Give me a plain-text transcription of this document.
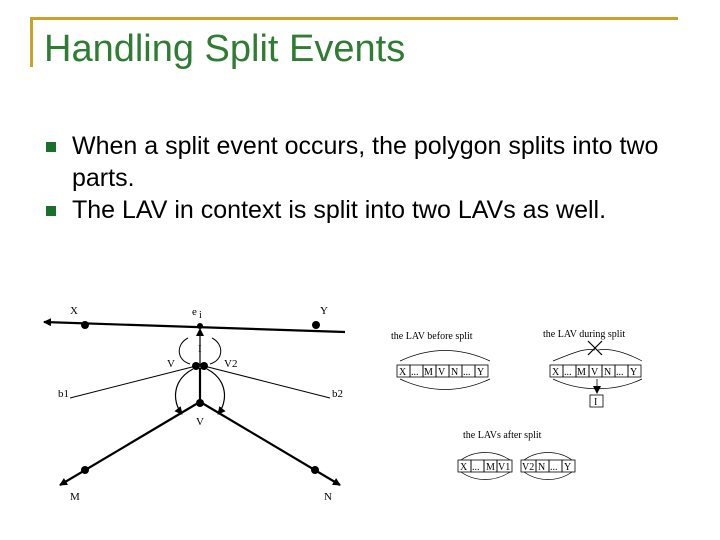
Handling Split Events
When a split event occurs, the polygon splits into two parts.
The LAV in context is split into two LAVs as well.
X	Y
e i
I
V	V2
b1	b2
V
M	N
the LAV before split
X ... M V N ... Y
the LAV during split
X ... M V N ... Y
I
the LAVs after split
X ... M V1 V2 N ... Y
